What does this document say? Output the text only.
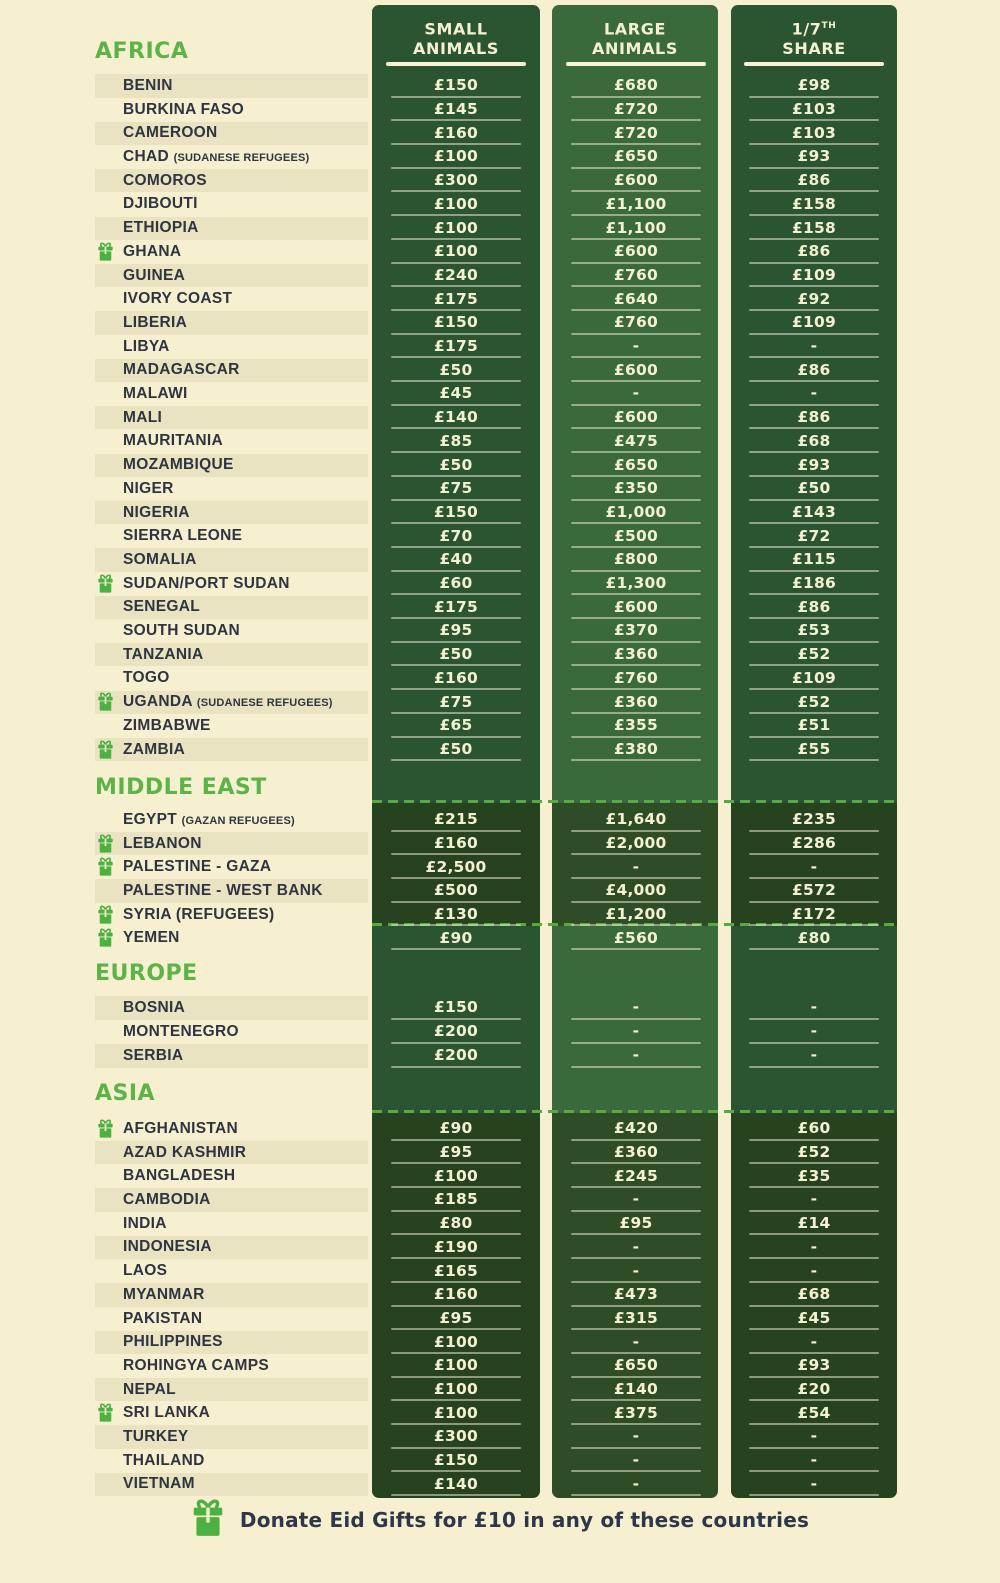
SMALL
ANIMALS
LARGE
ANIMALS
1/7TH
SHARE
AFRICA
BENIN	£150	£680	£98
BURKINA FASO	£145	£720	£103
CAMEROON	£160	£720	£103
CHAD (SUDANESE REFUGEES)	£100	£650	£93
COMOROS	£300	£600	£86
DJIBOUTI	£100	£1,100	£158
ETHIOPIA	£100	£1,100	£158
GHANA	£100	£600	£86
GUINEA	£240	£760	£109
IVORY COAST	£175	£640	£92
LIBERIA	£150	£760	£109
LIBYA	£175	-	-
MADAGASCAR	£50	£600	£86
MALAWI	£45	-	-
MALI	£140	£600	£86
MAURITANIA	£85	£475	£68
MOZAMBIQUE	£50	£650	£93
NIGER	£75	£350	£50
NIGERIA	£150	£1,000	£143
SIERRA LEONE	£70	£500	£72
SOMALIA	£40	£800	£115
SUDAN/PORT SUDAN	£60	£1,300	£186
SENEGAL	£175	£600	£86
SOUTH SUDAN	£95	£370	£53
TANZANIA	£50	£360	£52
TOGO	£160	£760	£109
UGANDA (SUDANESE REFUGEES)	£75	£360	£52
ZIMBABWE	£65	£355	£51
ZAMBIA	£50	£380	£55
MIDDLE EAST
EGYPT (GAZAN REFUGEES)	£215	£1,640	£235
LEBANON	£160	£2,000	£286
PALESTINE - GAZA	£2,500	-	-
PALESTINE - WEST BANK	£500	£4,000	£572
SYRIA (REFUGEES)	£130	£1,200	£172
YEMEN	£90	£560	£80
EUROPE
BOSNIA	£150	-	-
MONTENEGRO	£200	-	-
SERBIA	£200	-	-
ASIA
AFGHANISTAN	£90	£420	£60
AZAD KASHMIR	£95	£360	£52
BANGLADESH	£100	£245	£35
CAMBODIA	£185	-	-
INDIA	£80	£95	£14
INDONESIA	£190	-	-
LAOS	£165	-	-
MYANMAR	£160	£473	£68
PAKISTAN	£95	£315	£45
PHILIPPINES	£100	-	-
ROHINGYA CAMPS	£100	£650	£93
NEPAL	£100	£140	£20
SRI LANKA	£100	£375	£54
TURKEY	£300	-	-
THAILAND	£150	-	-
VIETNAM	£140	-	-
Donate Eid Gifts for £10 in any of these countries
